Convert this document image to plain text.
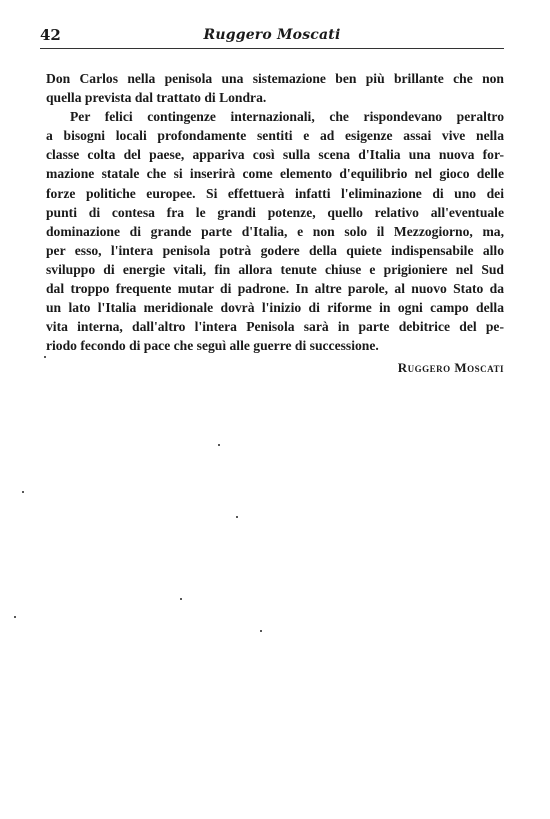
42	Ruggero Moscati
Don Carlos nella penisola una sistemazione ben più brillante che non
quella prevista dal trattato di Londra.
Per felici contingenze internazionali, che rispondevano peraltro
a bisogni locali profondamente sentiti e ad esigenze assai vive nella
classe colta del paese, appariva così sulla scena d'Italia una nuova for-
mazione statale che si inserirà come elemento d'equilibrio nel gioco delle
forze politiche europee. Si effettuerà infatti l'eliminazione di uno dei
punti di contesa fra le grandi potenze, quello relativo all'eventuale
dominazione di grande parte d'Italia, e non solo il Mezzogiorno, ma,
per esso, l'intera penisola potrà godere della quiete indispensabile allo
sviluppo di energie vitali, fin allora tenute chiuse e prigioniere nel Sud
dal troppo frequente mutar di padrone. In altre parole, al nuovo Stato da
un lato l'Italia meridionale dovrà l'inizio di riforme in ogni campo della
vita interna, dall'altro l'intera Penisola sarà in parte debitrice del pe-
riodo fecondo di pace che seguì alle guerre di successione.
Ruggero Moscati
